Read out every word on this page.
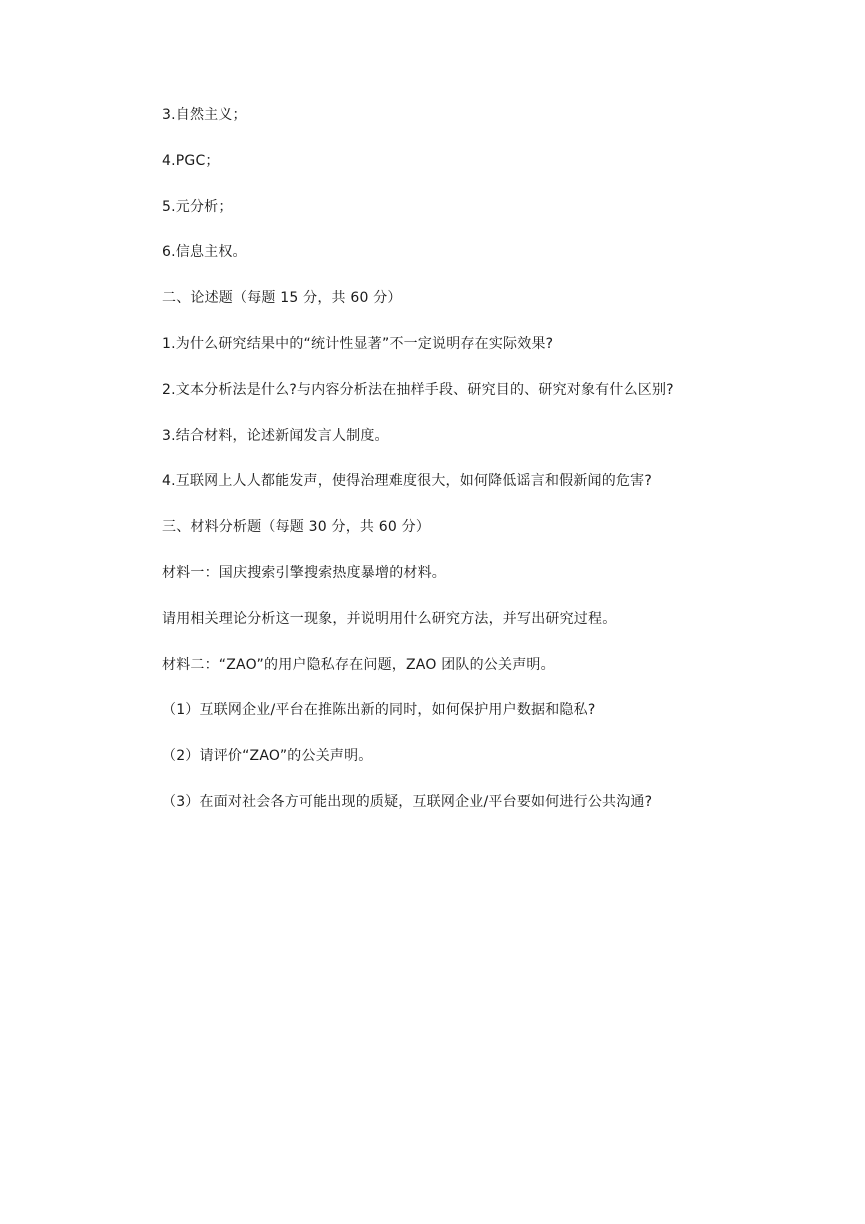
3.自然主义；

4.PGC；

5.元分析；

6.信息主权。

二、论述题（每题 15 分，共 60 分）

1.为什么研究结果中的“统计性显著”不一定说明存在实际效果?

2.文本分析法是什么?与内容分析法在抽样手段、研究目的、研究对象有什么区别?

3.结合材料，论述新闻发言人制度。

4.互联网上人人都能发声，使得治理难度很大，如何降低谣言和假新闻的危害?

三、材料分析题（每题 30 分，共 60 分）

材料一：国庆搜索引擎搜索热度暴增的材料。

请用相关理论分析这一现象，并说明用什么研究方法，并写出研究过程。

材料二：“ZAO”的用户隐私存在问题，ZAO 团队的公关声明。

（1）互联网企业/平台在推陈出新的同时，如何保护用户数据和隐私?

（2）请评价“ZAO”的公关声明。

（3）在面对社会各方可能出现的质疑，互联网企业/平台要如何进行公共沟通?
